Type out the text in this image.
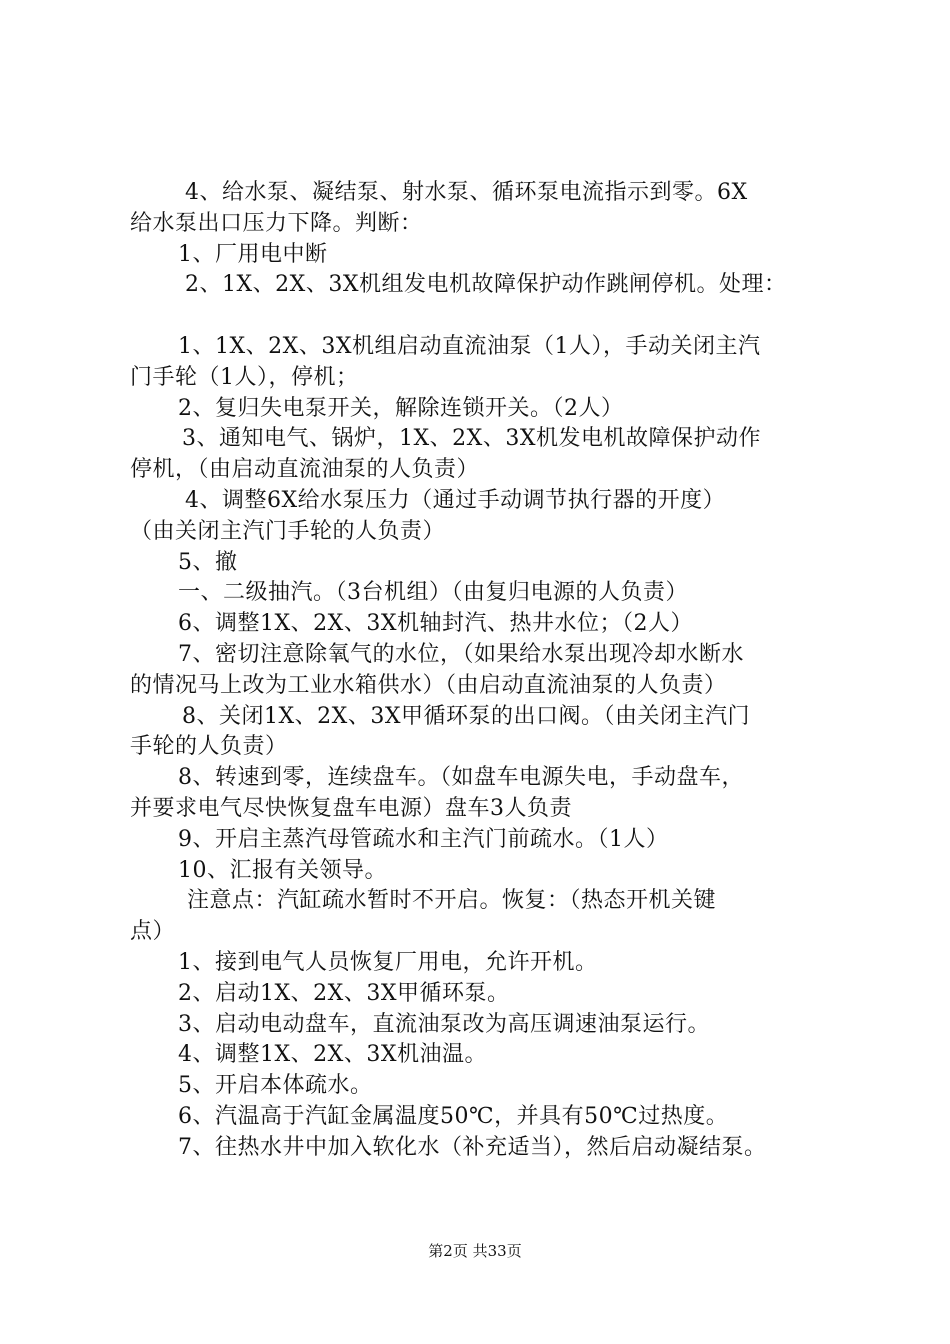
4、给水泵、凝结泵、射水泵、循环泵电流指示到零。6X
给水泵出口压力下降。判断：
1、厂用电中断
2、1X、2X、3X机组发电机故障保护动作跳闸停机。处理：
1、1X、2X、3X机组启动直流油泵（1人），手动关闭主汽
门手轮（1人），停机；
2、复归失电泵开关，解除连锁开关。（2人）
3、通知电气、锅炉，1X、2X、3X机发电机故障保护动作
停机，（由启动直流油泵的人负责）
4、调整6X给水泵压力（通过手动调节执行器的开度）
（由关闭主汽门手轮的人负责）
5、撤
一、二级抽汽。（3台机组）（由复归电源的人负责）
6、调整1X、2X、3X机轴封汽、热井水位；（2人）
7、密切注意除氧气的水位，（如果给水泵出现冷却水断水
的情况马上改为工业水箱供水）（由启动直流油泵的人负责）
8、关闭1X、2X、3X甲循环泵的出口阀。（由关闭主汽门
手轮的人负责）
8、转速到零，连续盘车。（如盘车电源失电，手动盘车，
并要求电气尽快恢复盘车电源）盘车3人负责
9、开启主蒸汽母管疏水和主汽门前疏水。（1人）
10、汇报有关领导。
注意点：汽缸疏水暂时不开启。恢复：（热态开机关键
点）
1、接到电气人员恢复厂用电，允许开机。
2、启动1X、2X、3X甲循环泵。
3、启动电动盘车，直流油泵改为高压调速油泵运行。
4、调整1X、2X、3X机油温。
5、开启本体疏水。
6、汽温高于汽缸金属温度50℃，并具有50℃过热度。
7、往热水井中加入软化水（补充适当），然后启动凝结泵。
第2页 共33页
